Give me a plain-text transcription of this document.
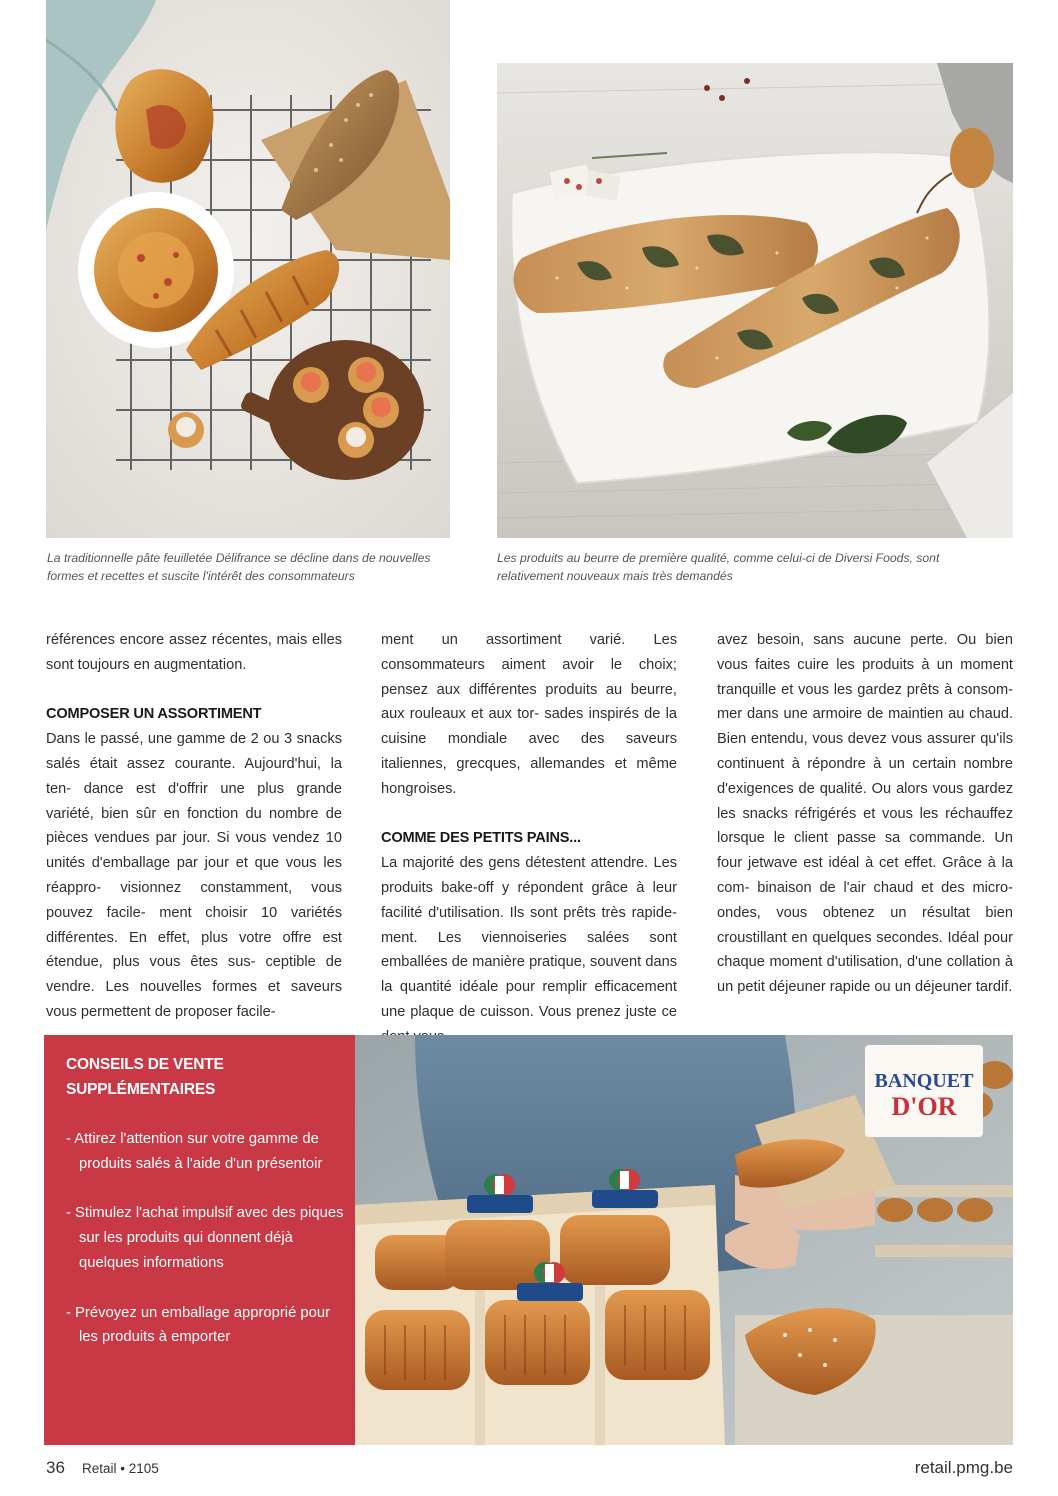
La traditionnelle pâte feuilletée Délifrance se décline dans de nouvelles formes et recettes et suscite l'intérêt des consommateurs
Les produits au beurre de première qualité, comme celui-ci de Diversi Foods, sont relativement nouveaux mais très demandés

références encore assez récentes, mais elles sont toujours en augmentation.

COMPOSER UN ASSORTIMENT

Dans le passé, une gamme de 2 ou 3 snacks salés était assez courante. Aujourd'hui, la ten- dance est d'offrir une plus grande variété, bien sûr en fonction du nombre de pièces vendues par jour. Si vous vendez 10 unités d'emballage par jour et que vous les réappro- visionnez constamment, vous pouvez facile- ment choisir 10 variétés différentes. En effet, plus votre offre est étendue, plus vous êtes sus- ceptible de vendre. Les nouvelles formes et saveurs vous permettent de proposer facile-

ment un assortiment varié. Les consommateurs aiment avoir le choix; pensez aux différentes produits au beurre, aux rouleaux et aux tor- sades inspirés de la cuisine mondiale avec des saveurs italiennes, grecques, allemandes et même hongroises.

COMME DES PETITS PAINS...

La majorité des gens détestent attendre. Les produits bake-off y répondent grâce à leur facilité d'utilisation. Ils sont prêts très rapide- ment. Les viennoiseries salées sont emballées de manière pratique, souvent dans la quantité idéale pour remplir efficacement une plaque de cuisson. Vous prenez juste ce

avez besoin, sans aucune perte. Ou bien vous faites cuire les produits à un moment tranquille et vous les gardez prêts à consom- mer dans une armoire de maintien au chaud. Bien entendu, vous devez vous assurer qu'ils continuent à répondre à un certain nombre d'exigences de qualité. Ou alors vous gardez les snacks réfrigérés et vous les réchauffez lorsque le client passe sa commande. Un four jetwave est idéal à cet effet. Grâce à la com- binaison de l'air chaud et des micro-ondes, vous obtenez un résultat bien croustillant en quelques secondes. Idéal pour chaque moment d'utilisation, d'une collation à un petit déjeuner rapide ou un déjeuner tardif.

CONSEILS DE VENTE
SUPPLÉMENTAIRES
- Attirez l'attention sur votre gamme de produits salés à l'aide d'un présentoir
- Stimulez l'achat impulsif avec des piques sur les produits qui donnent déjà quelques informations
- Prévoyez un emballage approprié pour les produits à emporter
BANQUET
D'OR
36 Retail • 2105	retail.pmg.be
